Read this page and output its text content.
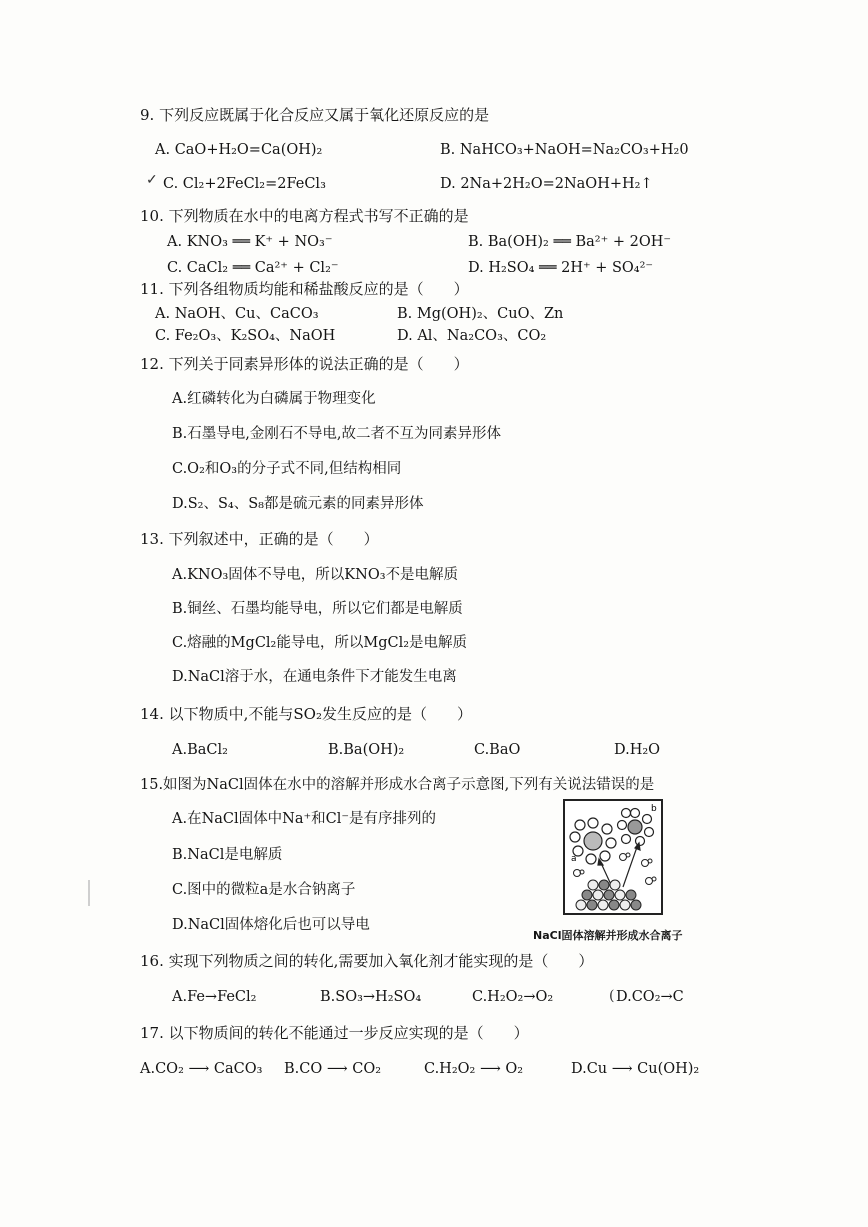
9. 下列反应既属于化合反应又属于氧化还原反应的是
A. CaO+H₂O=Ca(OH)₂	B. NaHCO₃+NaOH=Na₂CO₃+H₂0
✓ C. Cl₂+2FeCl₂=2FeCl₃	D. 2Na+2H₂O=2NaOH+H₂↑
10. 下列物质在水中的电离方程式书写不正确的是
A. KNO₃ ══ K⁺ + NO₃⁻	B. Ba(OH)₂ ══ Ba²⁺ + 2OH⁻
C. CaCl₂ ══ Ca²⁺ + Cl₂⁻	D. H₂SO₄ ══ 2H⁺ + SO₄²⁻
11. 下列各组物质均能和稀盐酸反应的是（　　）
A. NaOH、Cu、CaCO₃	B. Mg(OH)₂、CuO、Zn
C. Fe₂O₃、K₂SO₄、NaOH	D. Al、Na₂CO₃、CO₂
12. 下列关于同素异形体的说法正确的是（　　）
A.红磷转化为白磷属于物理变化
B.石墨导电,金刚石不导电,故二者不互为同素异形体
C.O₂和O₃的分子式不同,但结构相同
D.S₂、S₄、S₈都是硫元素的同素异形体
13. 下列叙述中，正确的是（　　）
A.KNO₃固体不导电，所以KNO₃不是电解质
B.铜丝、石墨均能导电，所以它们都是电解质
C.熔融的MgCl₂能导电，所以MgCl₂是电解质
D.NaCl溶于水，在通电条件下才能发生电离
14. 以下物质中,不能与SO₂发生反应的是（　　）
A.BaCl₂	B.Ba(OH)₂	C.BaO	D.H₂O
15.如图为NaCl固体在水中的溶解并形成水合离子示意图,下列有关说法错误的是
A.在NaCl固体中Na⁺和Cl⁻是有序排列的
B.NaCl是电解质
C.图中的微粒a是水合钠离子
D.NaCl固体熔化后也可以导电
a
b
NaCl固体溶解并形成水合离子
16. 实现下列物质之间的转化,需要加入氧化剂才能实现的是（　　）
A.Fe→FeCl₂	B.SO₃→H₂SO₄	C.H₂O₂→O₂	( D.CO₂→C
17. 以下物质间的转化不能通过一步反应实现的是（　　）
A.CO₂ ⟶ CaCO₃ B.CO ⟶ CO₂	C.H₂O₂ ⟶ O₂	D.Cu ⟶ Cu(OH)₂
